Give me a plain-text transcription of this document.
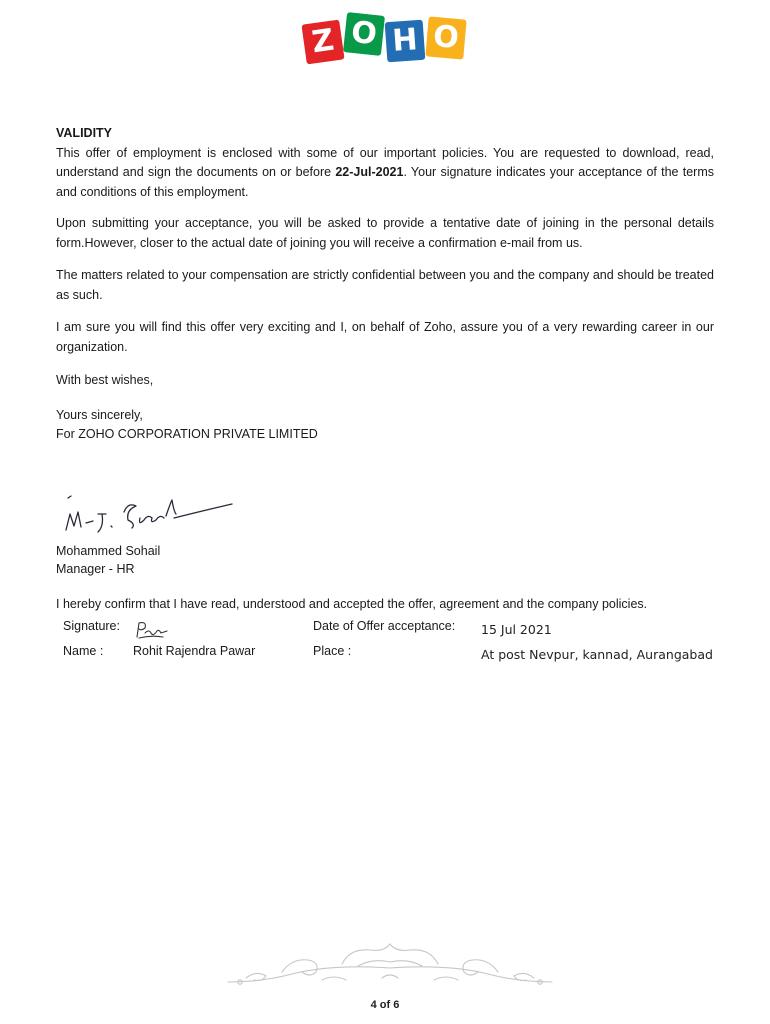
Z O H O
VALIDITY

This offer of employment is enclosed with some of our important policies. You are requested to download, read, understand and sign the documents on or before 22-Jul-2021. Your signature indicates your acceptance of the terms and conditions of this employment.

Upon submitting your acceptance, you will be asked to provide a tentative date of joining in the personal details form.However, closer to the actual date of joining you will receive a confirmation e-mail from us.

The matters related to your compensation are strictly confidential between you and the company and should be treated as such.

I am sure you will find this offer very exciting and I, on behalf of Zoho, assure you of a very rewarding career in our organization.

With best wishes,

Yours sincerely,

For ZOHO CORPORATION PRIVATE LIMITED

Mohammed Sohail
Manager - HR
I hereby confirm that I have read, understood and accepted the offer, agreement and the company policies.
Signature:	Date of Offer acceptance: 15 Jul 2021
Name : Rohit Rajendra Pawar	Place :	At post Nevpur, kannad, Aurangabad
4 of 6
